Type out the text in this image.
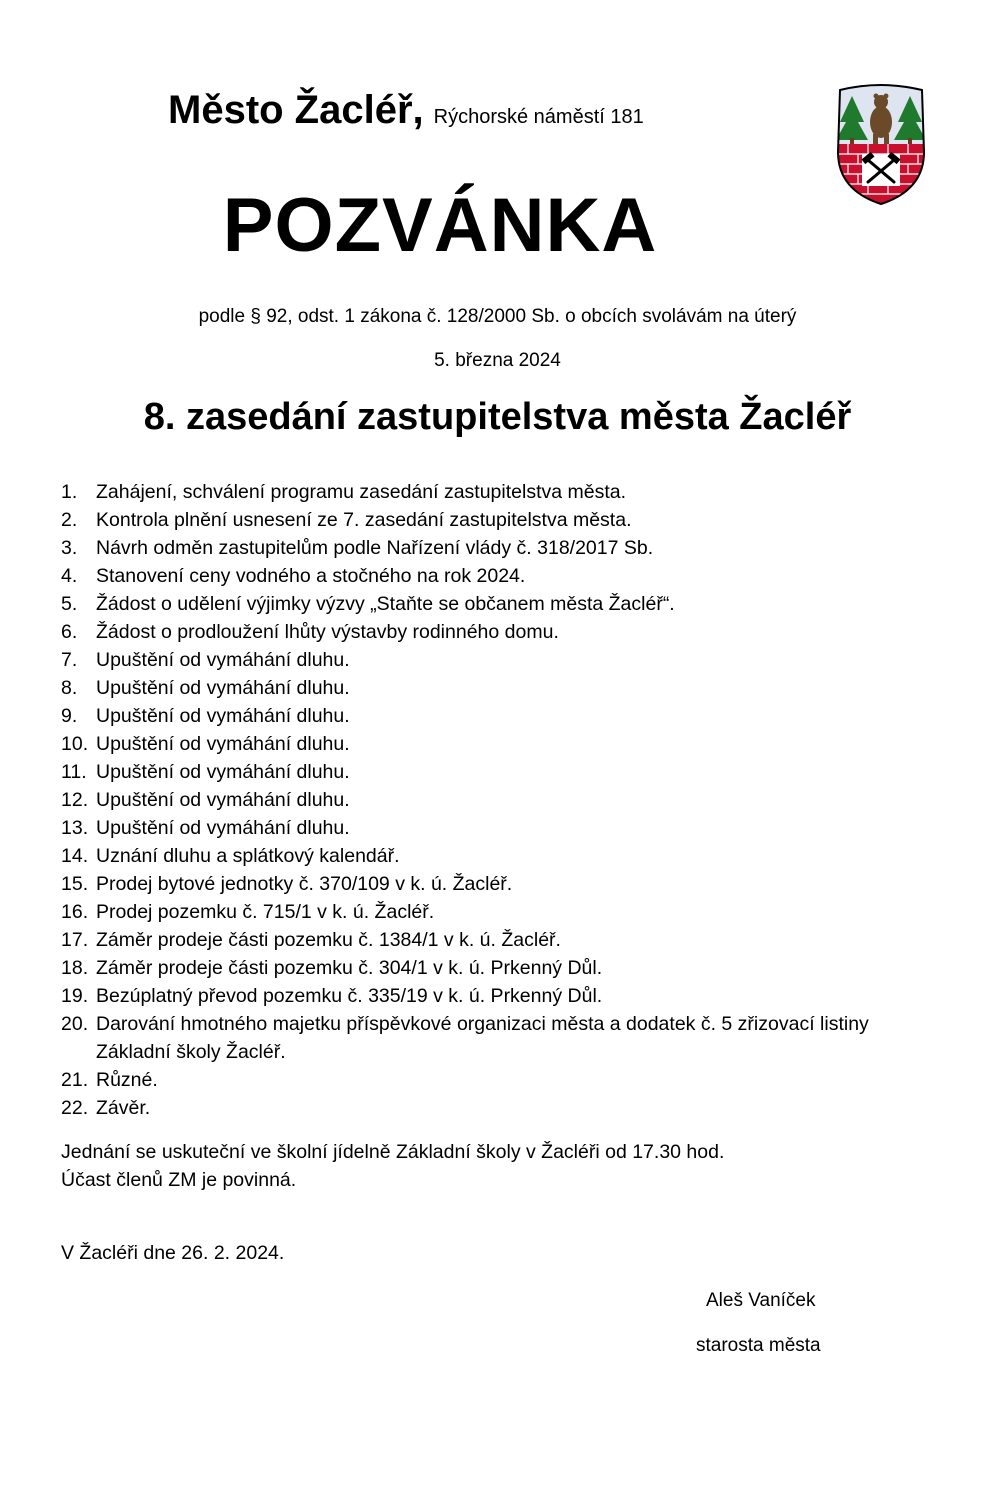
Město Žacléř, Rýchorské náměstí 181
POZVÁNKA
podle § 92, odst. 1 zákona č. 128/2000 Sb. o obcích svolávám na úterý
5. března 2024
8. zasedání zastupitelstva města Žacléř
1. Zahájení, schválení programu zasedání zastupitelstva města.
2. Kontrola plnění usnesení ze 7. zasedání zastupitelstva města.
3. Návrh odměn zastupitelům podle Nařízení vlády č. 318/2017 Sb.
4. Stanovení ceny vodného a stočného na rok 2024.
5. Žádost o udělení výjimky výzvy „Staňte se občanem města Žacléř“.
6. Žádost o prodloužení lhůty výstavby rodinného domu.
7. Upuštění od vymáhání dluhu.
8. Upuštění od vymáhání dluhu.
9. Upuštění od vymáhání dluhu.
10. Upuštění od vymáhání dluhu.
11. Upuštění od vymáhání dluhu.
12. Upuštění od vymáhání dluhu.
13. Upuštění od vymáhání dluhu.
14. Uznání dluhu a splátkový kalendář.
15. Prodej bytové jednotky č. 370/109 v k. ú. Žacléř.
16. Prodej pozemku č. 715/1 v k. ú. Žacléř.
17. Záměr prodeje části pozemku č. 1384/1 v k. ú. Žacléř.
18. Záměr prodeje části pozemku č. 304/1 v k. ú. Prkenný Důl.
19. Bezúplatný převod pozemku č. 335/19 v k. ú. Prkenný Důl.
20. Darování hmotného majetku příspěvkové organizaci města a dodatek č. 5 zřizovací listiny Základní školy Žacléř.
21. Různé.
22. Závěr.
Jednání se uskuteční ve školní jídelně Základní školy v Žacléři od 17.30 hod.
Účast členů ZM je povinná.
V Žacléři dne 26. 2. 2024.
Aleš Vaníček
starosta města
